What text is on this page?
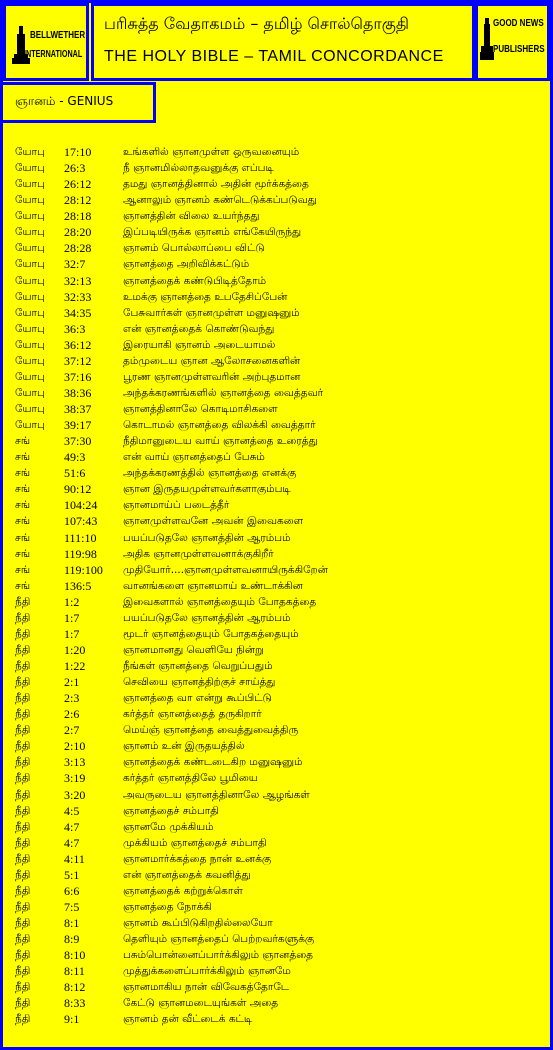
BELLWETHER
INTERNATIONAL
பரிசுத்த வேதாகமம் – தமிழ் சொல்தொகுதி
THE HOLY BIBLE – TAMIL CONCORDANCE
GOOD NEWS
PUBLISHERS
ஞானம் - GENIUS
யோபு 17:10	உங்களில் ஞானமுள்ள ஒருவனையும்
யோபு 26:3	நீ ஞானமில்லாதவனுக்கு எப்படி
யோபு 26:12	தமது ஞானத்தினால் அதின் மூர்க்கத்தை
யோபு 28:12	ஆனாலும் ஞானம் கண்டெடுக்கப்படுவது
யோபு 28:18	ஞானத்தின் விலை உயர்ந்தது
யோபு 28:20	இப்படியிருக்க ஞானம் எங்கேயிருந்து
யோபு 28:28	ஞானம் பொல்லாப்பை விட்டு
யோபு 32:7	ஞானத்தை அறிவிக்கட்டும்
யோபு 32:13	ஞானத்தைக் கண்டுபிடித்தோம்
யோபு 32:33	உமக்கு ஞானத்தை உபதேசிப்பேன்
யோபு 34:35	பேசுவார்கள் ஞானமுள்ள மனுஷனும்
யோபு 36:3	என் ஞானத்தைக் கொண்டுவந்து
யோபு 36:12	இரையாகி ஞானம் அடையாமல்
யோபு 37:12	தம்முடைய ஞான ஆலோசனைகளின்
யோபு 37:16	பூரண ஞானமுள்ளவரின் அற்புதமான
யோபு 38:36	அந்தக்கரணங்களில் ஞானத்தை வைத்தவர்
யோபு 38:37	ஞானத்தினாலே கொடிமாசிகளை
யோபு 39:17	கொடாமல் ஞானத்தை விலக்கி வைத்தார்
சங்	37:30	நீதிமானுடைய வாய் ஞானத்தை உரைத்து
சங்	49:3	என் வாய் ஞானத்தைப் பேசும்
சங்	51:6	அந்தக்கரணத்தில் ஞானத்தை எனக்கு
சங்	90:12	ஞான இருதயமுள்ளவர்களாகும்படி
சங்	104:24 ஞானமாய்ப் படைத்தீர்
சங்	107:43 ஞானமுள்ளவனே அவன் இவைகளை
சங்	111:10	பயப்படுதலே ஞானத்தின் ஆரம்பம்
சங்	119:98 அதிக ஞானமுள்ளவனாக்குகிறீர்
சங்	119:100 முதியோர்....ஞானமுள்ளவனாயிருக்கிறேன்
சங்	136:5	வானங்களை ஞானமாய் உண்டாக்கின
நீதி	1:2	இவைகளால் ஞானத்தையும் போதகத்தை
நீதி	1:7	பயப்படுதலே ஞானத்தின் ஆரம்பம்
நீதி	1:7	மூடர் ஞானத்தையும் போதகத்தையும்
நீதி	1:20	ஞானமானது வெளியே நின்று
நீதி	1:22	நீங்கள் ஞானத்தை வெறுப்பதும்
நீதி	2:1	செவியை ஞானத்திற்குச் சாய்த்து
நீதி	2:3	ஞானத்தை வா என்று கூப்பிட்டு
நீதி	2:6	கர்த்தர் ஞானத்தைத் தருகிறார்
நீதி	2:7	மெய்ஞ் ஞானத்தை வைத்துவைத்திரு
நீதி	2:10	ஞானம் உன் இருதயத்தில்
நீதி	3:13	ஞானத்தைக் கண்டடைகிற மனுஷனும்
நீதி	3:19	கர்த்தர் ஞானத்திலே பூமியை
நீதி	3:20	அவருடைய ஞானத்தினாலே ஆழங்கள்
நீதி	4:5	ஞானத்தைச் சம்பாதி
நீதி	4:7	ஞானமே முக்கியம்
நீதி	4:7	முக்கியம் ஞானத்தைச் சம்பாதி
நீதி	4:11	ஞானமார்க்கத்தை நான் உனக்கு
நீதி	5:1	என் ஞானத்தைக் கவனித்து
நீதி	6:6	ஞானத்தைக் கற்றுக்கொள்
நீதி	7:5	ஞானத்தை நோக்கி
நீதி	8:1	ஞானம் கூப்பிடுகிறதில்லையோ
நீதி	8:9	தெளியும் ஞானத்தைப் பெற்றவர்களுக்கு
நீதி	8:10	பசும்பொன்னைப்பார்க்கிலும் ஞானத்தை
நீதி	8:11	முத்துக்களைப்பார்க்கிலும் ஞானமே
நீதி	8:12	ஞானமாகிய நான் விவேகத்தோடே
நீதி	8:33	கேட்டு ஞானமடையுங்கள் அதை
நீதி	9:1	ஞானம் தன் வீட்டைக் கட்டி
